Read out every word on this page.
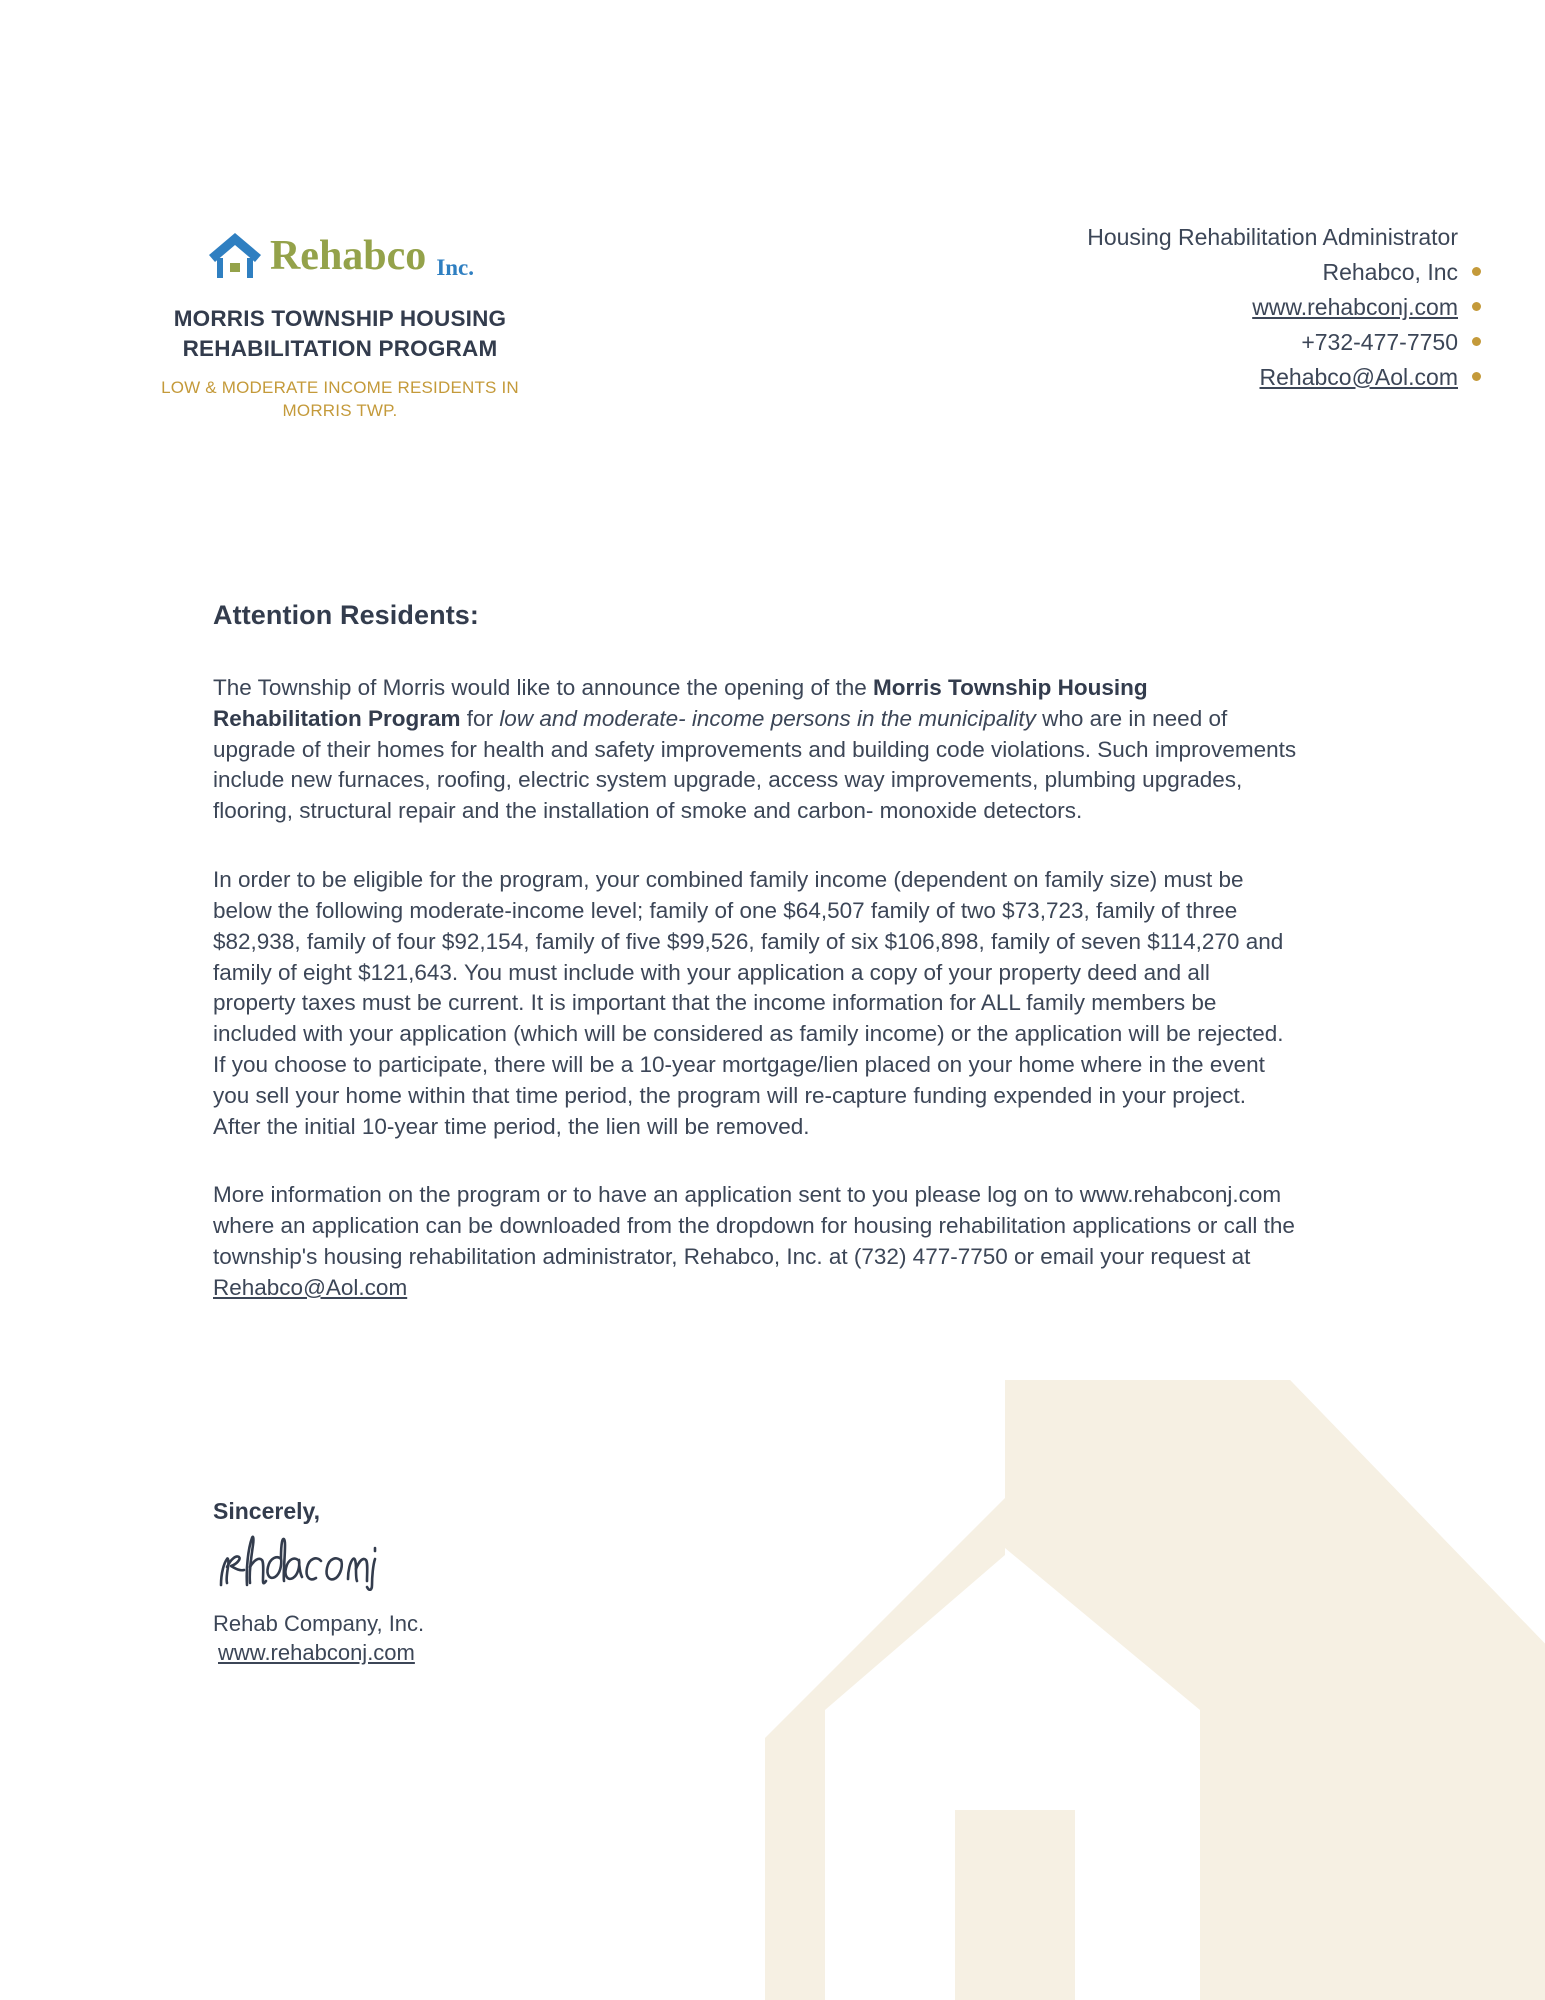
Rehabco Inc.

MORRIS TOWNSHIP HOUSING REHABILITATION PROGRAM

LOW & MODERATE INCOME RESIDENTS IN MORRIS TWP.

Housing Rehabilitation Administrator
Rehabco, Inc
www.rehabconj.com
+732-477-7750
Rehabco@Aol.com
Attention Residents:

The Township of Morris would like to announce the opening of the Morris Township Housing Rehabilitation Program for low and moderate- income persons in the municipality who are in need of upgrade of their homes for health and safety improvements and building code violations. Such improvements include new furnaces, roofing, electric system upgrade, access way improvements, plumbing upgrades, flooring, structural repair and the installation of smoke and carbon- monoxide detectors.

In order to be eligible for the program, your combined family income (dependent on family size) must be below the following moderate-income level; family of one $64,507 family of two $73,723, family of three $82,938, family of four $92,154, family of five $99,526, family of six $106,898, family of seven $114,270 and family of eight $121,643. You must include with your application a copy of your property deed and all property taxes must be current. It is important that the income information for ALL family members be included with your application (which will be considered as family income) or the application will be rejected. If you choose to participate, there will be a 10-year mortgage/lien placed on your home where in the event you sell your home within that time period, the program will re-capture funding expended in your project. After the initial 10-year time period, the lien will be removed.

More information on the program or to have an application sent to you please log on to www.rehabconj.com where an application can be downloaded from the dropdown for housing rehabilitation applications or call the township's housing rehabilitation administrator, Rehabco, Inc. at (732) 477-7750 or email your request at Rehabco@Aol.com

Sincerely,

Rehab Company, Inc.
www.rehabconj.com
